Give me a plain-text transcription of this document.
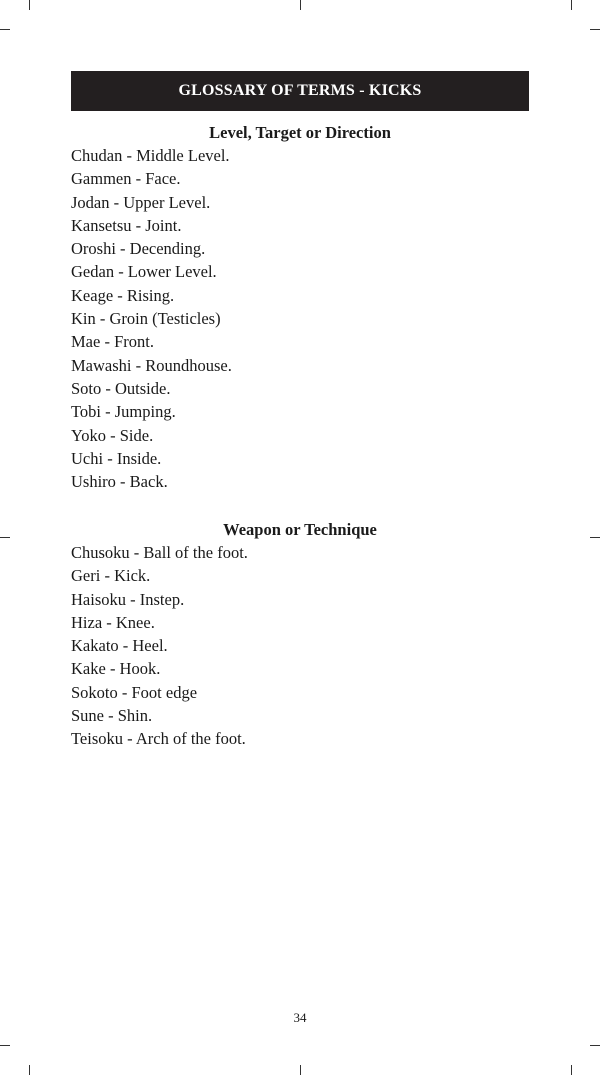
GLOSSARY OF TERMS - KICKS
Level, Target or Direction
Chudan - Middle Level.
Gammen - Face.
Jodan - Upper Level.
Kansetsu - Joint.
Oroshi - Decending.
Gedan - Lower Level.
Keage - Rising.
Kin - Groin (Testicles)
Mae - Front.
Mawashi - Roundhouse.
Soto - Outside.
Tobi - Jumping.
Yoko - Side.
Uchi - Inside.
Ushiro - Back.
Weapon or Technique
Chusoku - Ball of the foot.
Geri - Kick.
Haisoku - Instep.
Hiza - Knee.
Kakato - Heel.
Kake - Hook.
Sokoto - Foot edge
Sune - Shin.
Teisoku - Arch of the foot.
34
